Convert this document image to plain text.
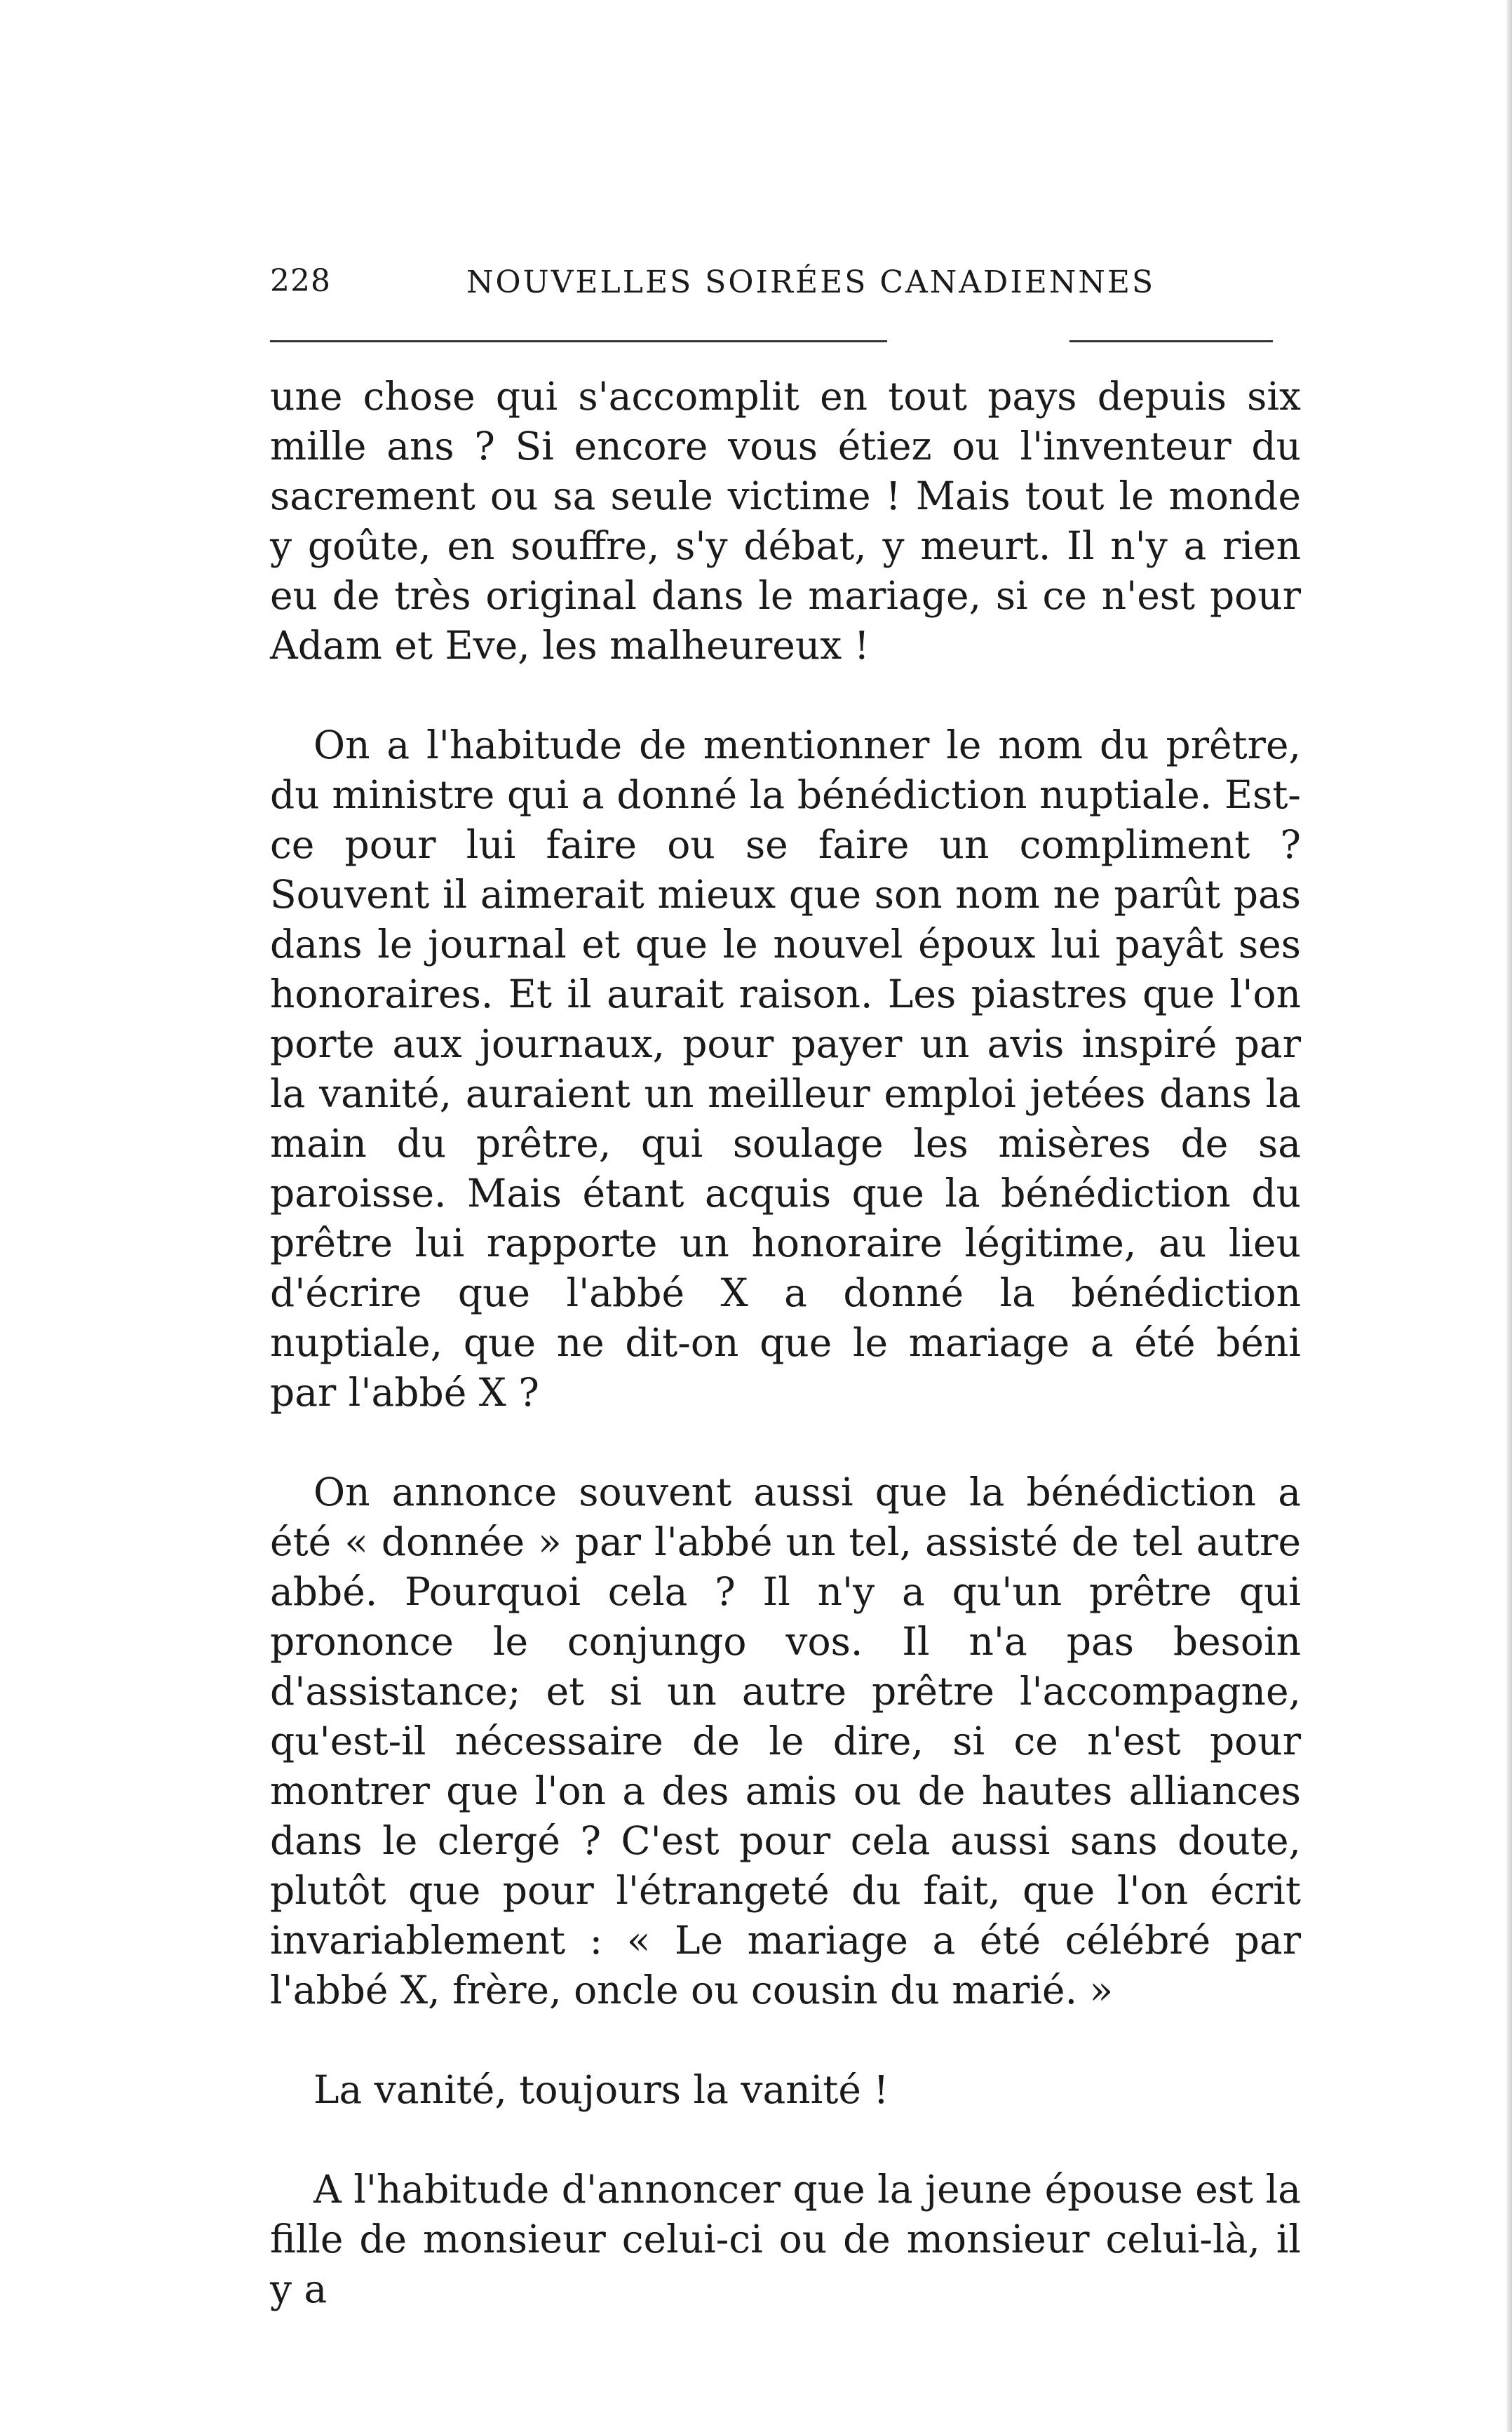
228	NOUVELLES SOIRÉES CANADIENNES

une chose qui s'accomplit en tout pays depuis six mille ans ? Si encore vous étiez ou l'inventeur du sacrement ou sa seule victime ! Mais tout le monde y goûte, en souffre, s'y débat, y meurt. Il n'y a rien eu de très original dans le mariage, si ce n'est pour Adam et Eve, les malheureux !

On a l'habitude de mentionner le nom du prêtre, du ministre qui a donné la bénédiction nuptiale. Est-ce pour lui faire ou se faire un compliment ? Souvent il aimerait mieux que son nom ne parût pas dans le journal et que le nouvel époux lui payât ses honoraires. Et il aurait raison. Les piastres que l'on porte aux journaux, pour payer un avis inspiré par la vanité, auraient un meilleur emploi jetées dans la main du prêtre, qui soulage les misères de sa paroisse. Mais étant acquis que la bénédiction du prêtre lui rapporte un honoraire légitime, au lieu d'écrire que l'abbé X a donné la bénédiction nuptiale, que ne dit-on que le mariage a été béni par l'abbé X ?

On annonce souvent aussi que la bénédiction a été « donnée » par l'abbé un tel, assisté de tel autre abbé. Pourquoi cela ? Il n'y a qu'un prêtre qui prononce le conjungo vos. Il n'a pas besoin d'assistance; et si un autre prêtre l'accompagne, qu'est-il nécessaire de le dire, si ce n'est pour montrer que l'on a des amis ou de hautes alliances dans le clergé ? C'est pour cela aussi sans doute, plutôt que pour l'étrangeté du fait, que l'on écrit invariablement : « Le mariage a été célébré par l'abbé X, frère, oncle ou cousin du marié. »

La vanité, toujours la vanité !

A l'habitude d'annoncer que la jeune épouse est la fille de monsieur celui-ci ou de monsieur celui-là, il y a
